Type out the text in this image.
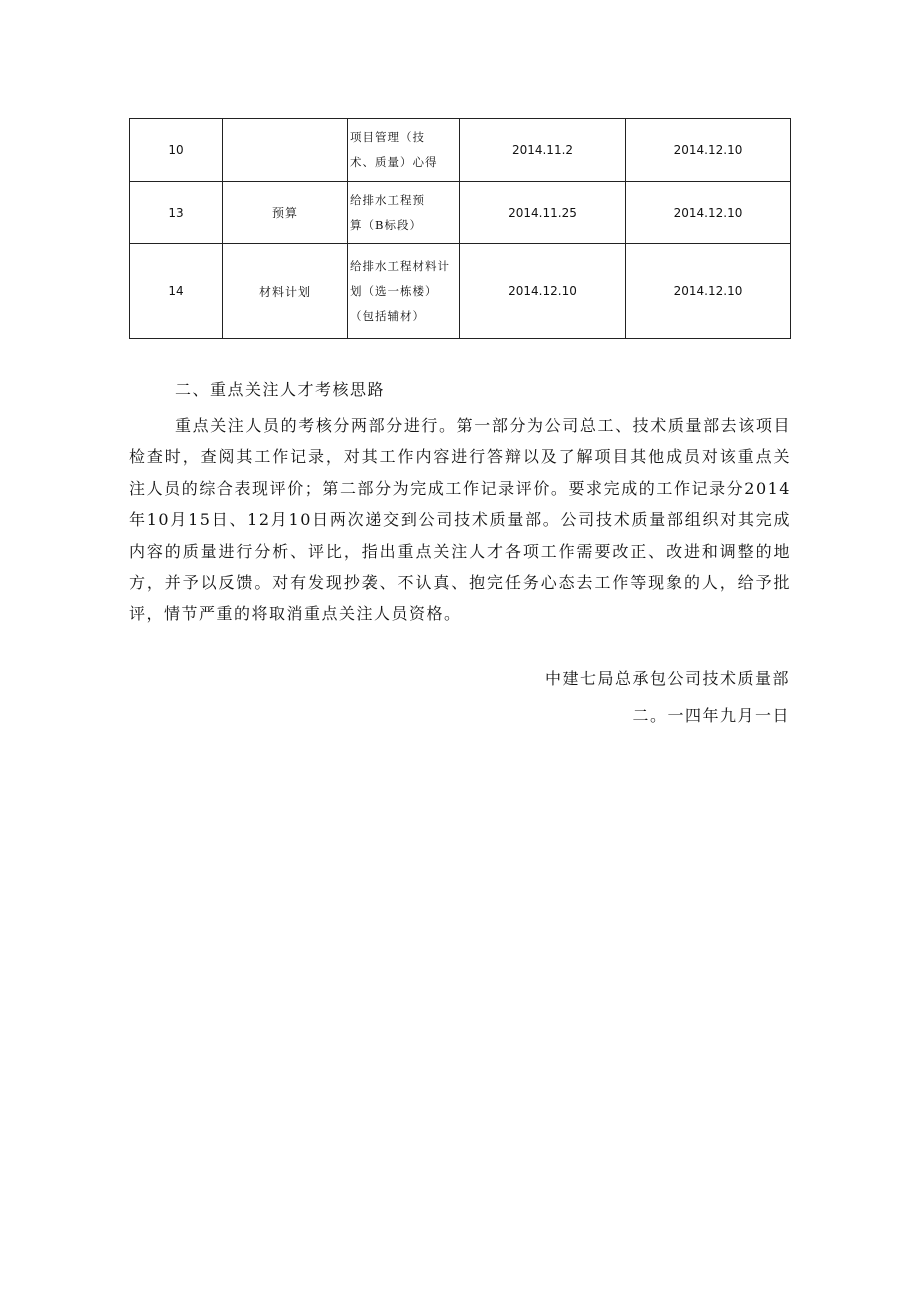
10		项目管理（技
术、质量）心得	2014.11.2	2014.12.10
13	预算	给排水工程预
算（B标段）	2014.11.25	2014.12.10
14	材料计划	给排水工程材料计
划（选一栋楼）
（包括辅材）	2014.12.10	2014.12.10

二、重点关注人才考核思路

重点关注人员的考核分两部分进行。第一部分为公司总工、技术质量部去该项目检查时，查阅其工作记录，对其工作内容进行答辩以及了解项目其他成员对该重点关注人员的综合表现评价；第二部分为完成工作记录评价。要求完成的工作记录分2014年10月15日、12月10日两次递交到公司技术质量部。公司技术质量部组织对其完成内容的质量进行分析、评比，指出重点关注人才各项工作需要改正、改进和调整的地方，并予以反馈。对有发现抄袭、不认真、抱完任务心态去工作等现象的人，给予批评，情节严重的将取消重点关注人员资格。

中建七局总承包公司技术质量部

二。一四年九月一日
